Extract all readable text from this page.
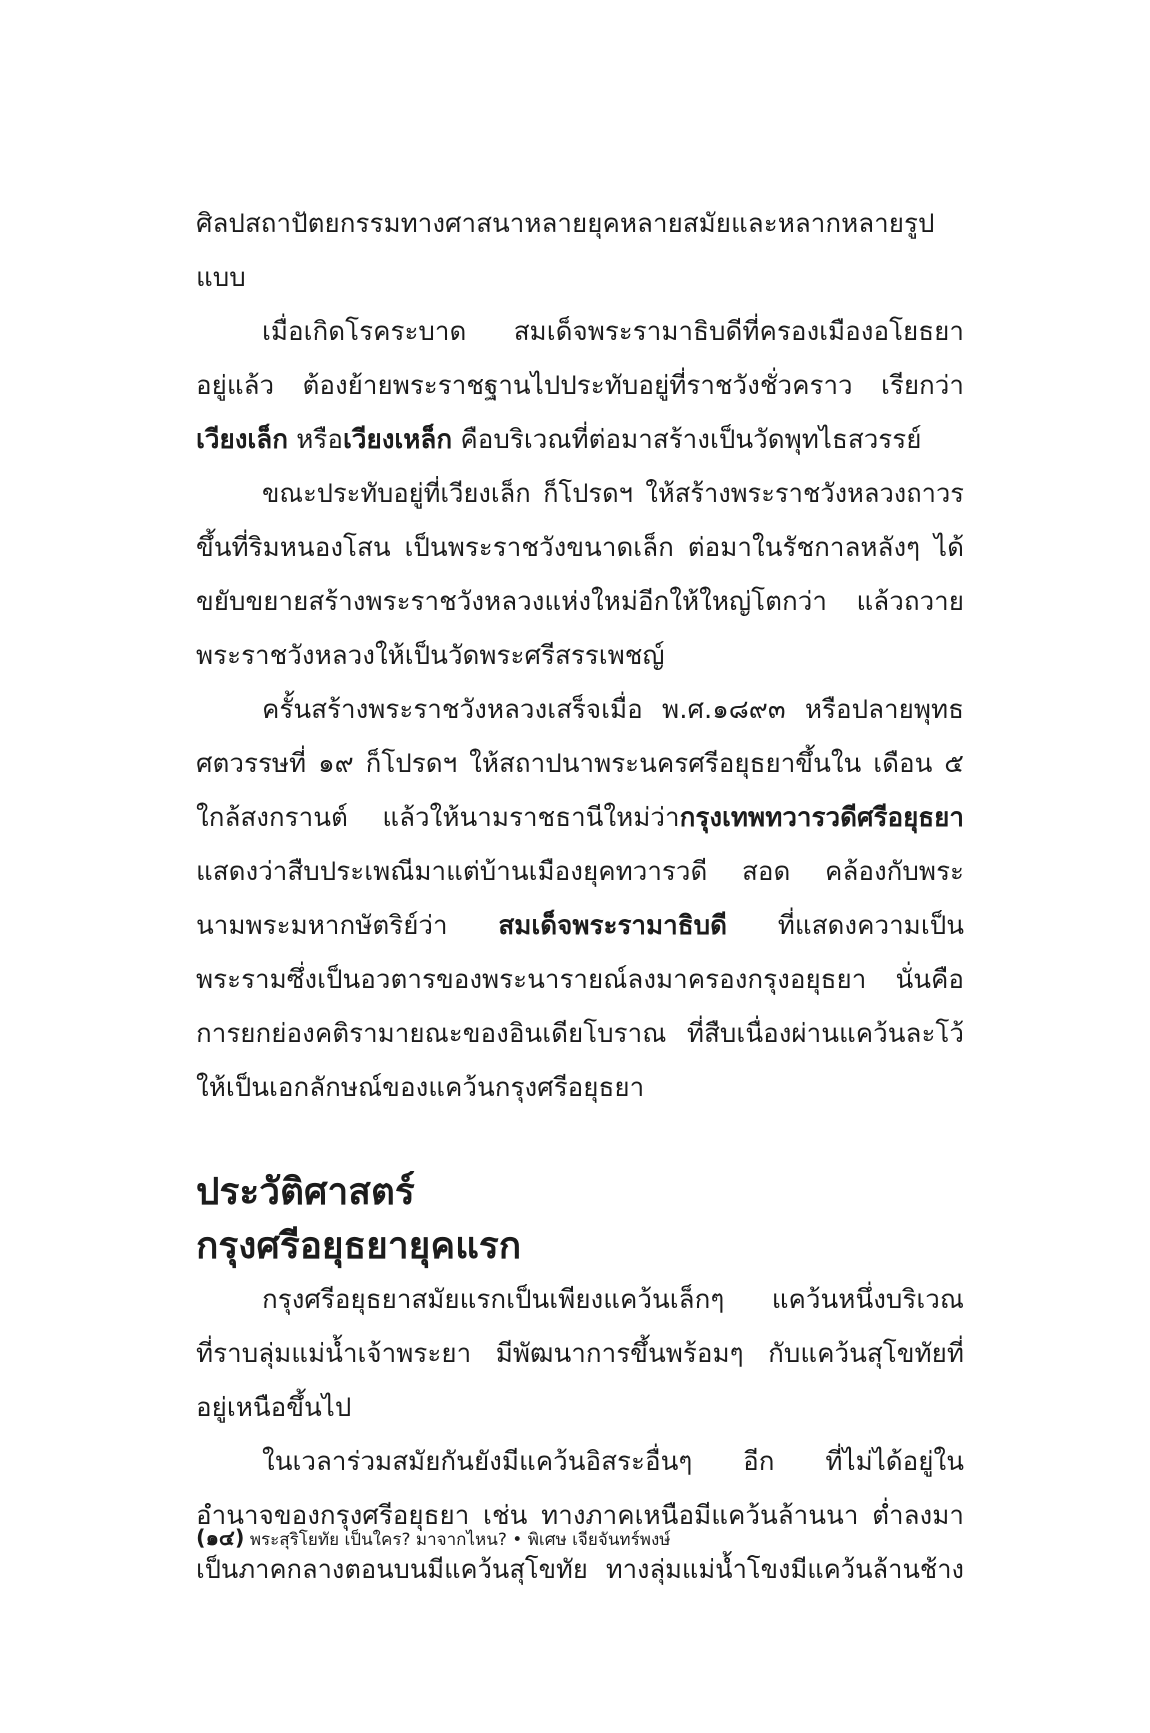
ศิลปสถาปัตยกรรมทางศาสนาหลายยุคหลายสมัยและหลากหลายรูป
แบบ
เมื่อเกิดโรคระบาด สมเด็จพระรามาธิบดีที่ครองเมืองอโยธยา
อยู่แล้ว ต้องย้ายพระราชฐานไปประทับอยู่ที่ราชวังชั่วคราว เรียกว่า
เวียงเล็ก หรือเวียงเหล็ก คือบริเวณที่ต่อมาสร้างเป็นวัดพุทไธสวรรย์
ขณะประทับอยู่ที่เวียงเล็ก ก็โปรดฯ ให้สร้างพระราชวังหลวงถาวร
ขึ้นที่ริมหนองโสน เป็นพระราชวังขนาดเล็ก ต่อมาในรัชกาลหลังๆ ได้
ขยับขยายสร้างพระราชวังหลวงแห่งใหม่อีกให้ใหญ่โตกว่า แล้วถวาย
พระราชวังหลวงให้เป็นวัดพระศรีสรรเพชญ์
ครั้นสร้างพระราชวังหลวงเสร็จเมื่อ พ.ศ.๑๘๙๓ หรือปลายพุทธ
ศตวรรษที่ ๑๙ ก็โปรดฯ ให้สถาปนาพระนครศรีอยุธยาขึ้นใน เดือน ๕
ใกล้สงกรานต์ แล้วให้นามราชธานีใหม่ว่ากรุงเทพทวารวดีศรีอยุธยา
แสดงว่าสืบประเพณีมาแต่บ้านเมืองยุคทวารวดี สอด คล้องกับพระ
นามพระมหากษัตริย์ว่า สมเด็จพระรามาธิบดี ที่แสดงความเป็น
พระรามซึ่งเป็นอวตารของพระนารายณ์ลงมาครองกรุงอยุธยา นั่นคือ
การยกย่องคติรามายณะของอินเดียโบราณ ที่สืบเนื่องผ่านแคว้นละโว้
ให้เป็นเอกลักษณ์ของแคว้นกรุงศรีอยุธยา
ประวัติศาสตร์
กรุงศรีอยุธยายุคแรก
กรุงศรีอยุธยาสมัยแรกเป็นเพียงแคว้นเล็กๆ แคว้นหนึ่งบริเวณ
ที่ราบลุ่มแม่น้ำเจ้าพระยา มีพัฒนาการขึ้นพร้อมๆ กับแคว้นสุโขทัยที่
อยู่เหนือขึ้นไป
ในเวลาร่วมสมัยกันยังมีแคว้นอิสระอื่นๆ อีก ที่ไม่ได้อยู่ใน
อำนาจของกรุงศรีอยุธยา เช่น ทางภาคเหนือมีแคว้นล้านนา ต่ำลงมา
เป็นภาคกลางตอนบนมีแคว้นสุโขทัย ทางลุ่มแม่น้ำโขงมีแคว้นล้านช้าง
(๑๔) พระสุริโยทัย เป็นใคร? มาจากไหน? • พิเศษ เจียจันทร์พงษ์
